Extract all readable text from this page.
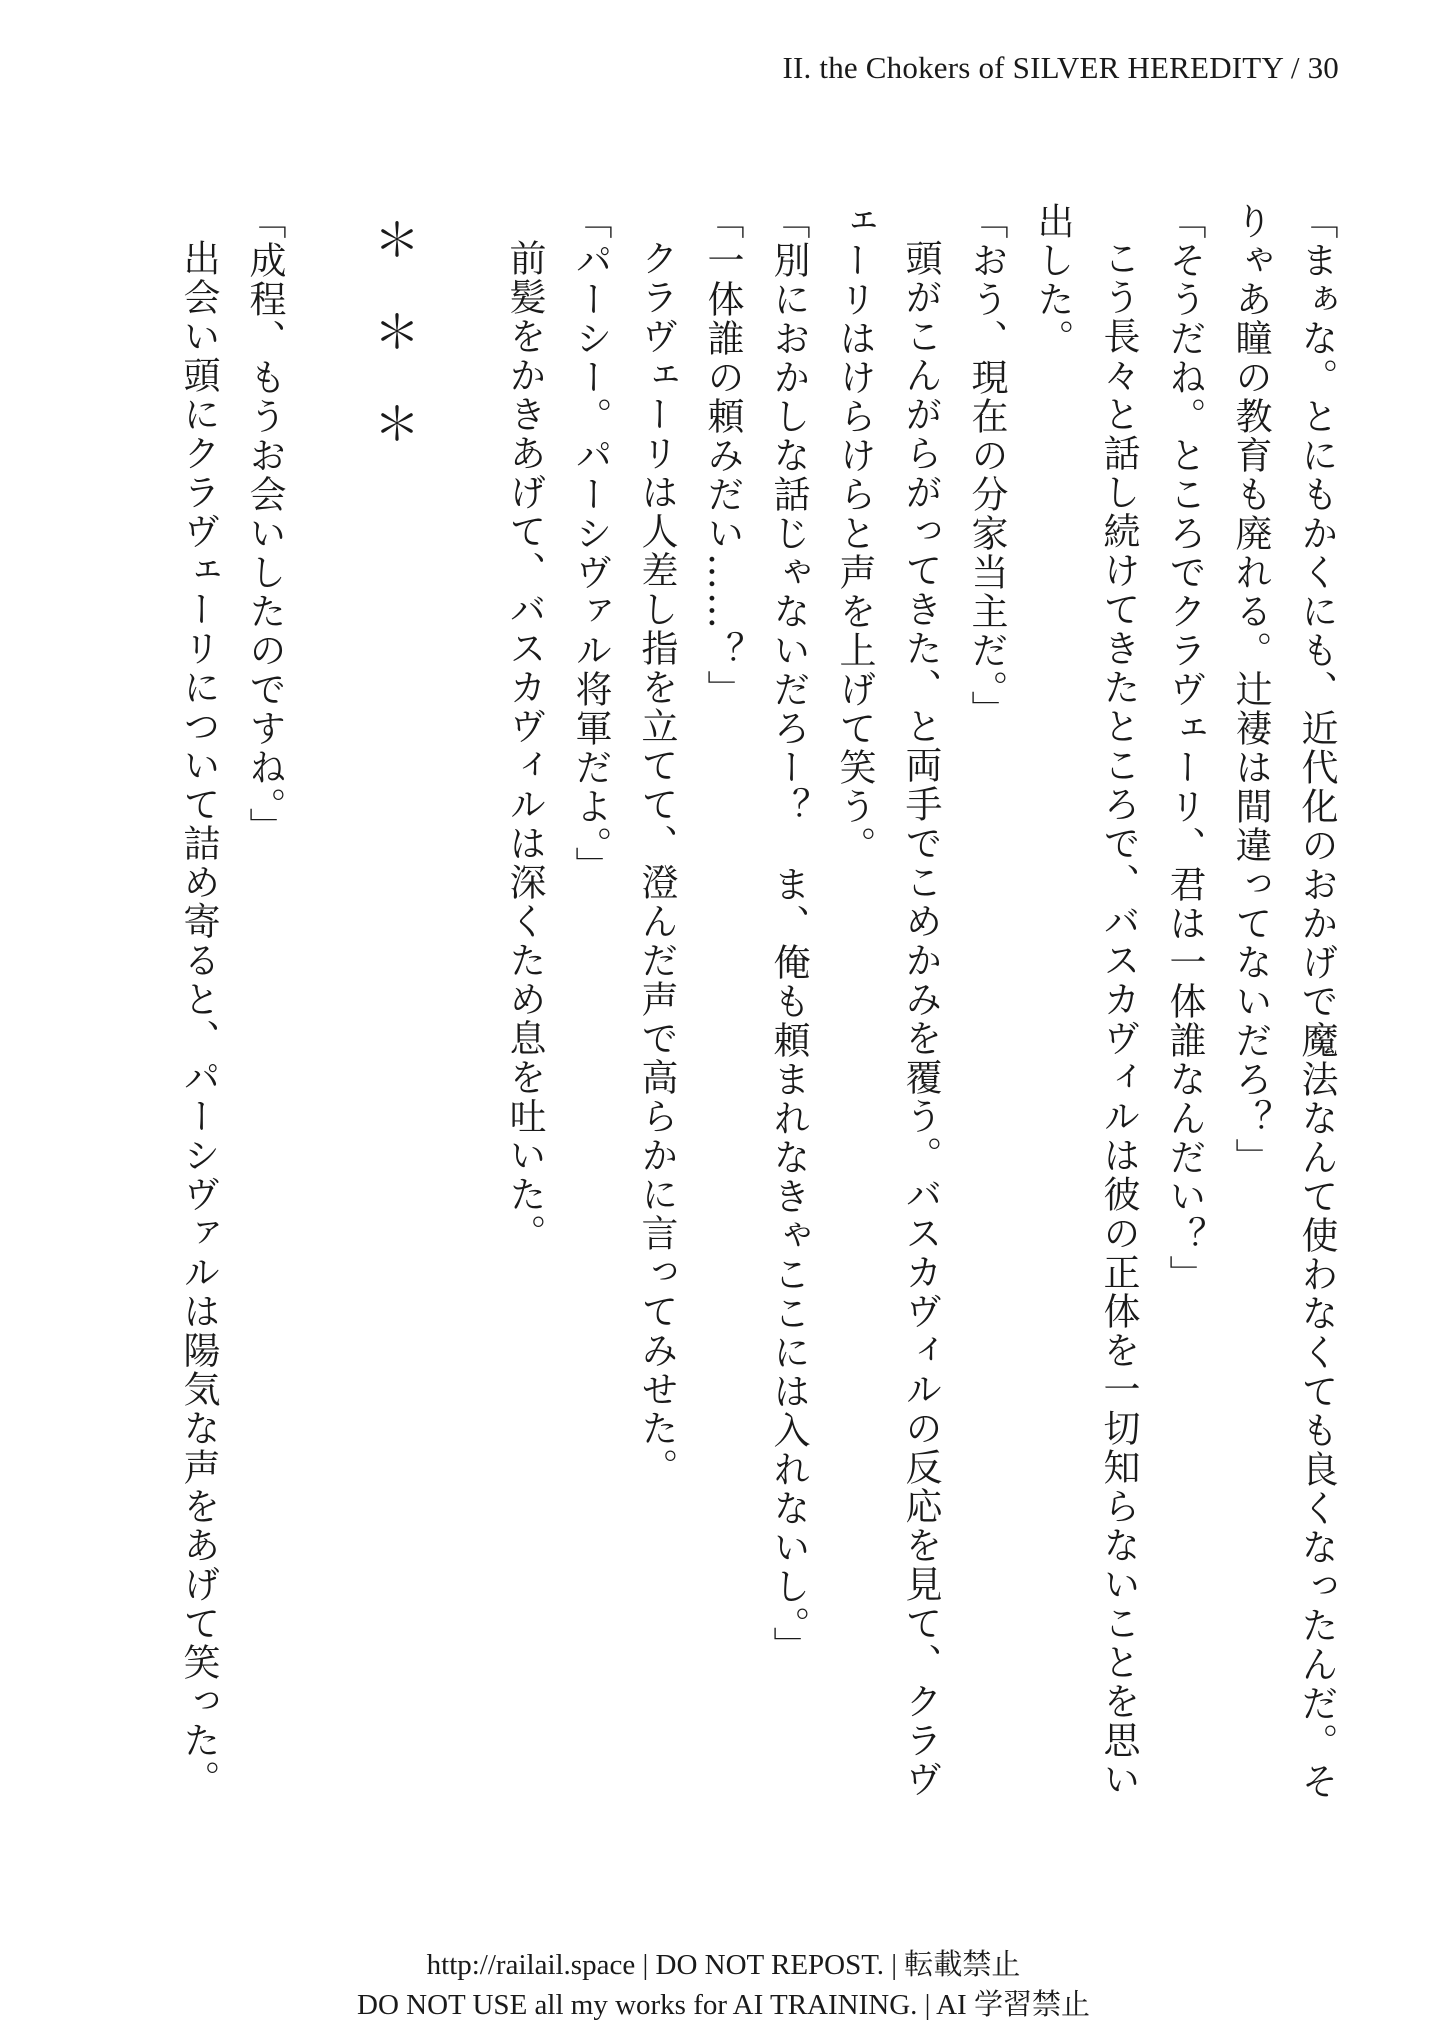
II. the Chokers of SILVER HEREDITY / 30

「まぁな。とにもかくにも、近代化のおかげで魔法なんて使わなくても良くなったんだ。そりゃあ瞳の教育も廃れる。辻褄は間違ってないだろ？」

「そうだね。ところでクラヴェーリ、君は一体誰なんだい？」

こう長々と話し続けてきたところで、バスカヴィルは彼の正体を一切知らないことを思い出した。

「おう、現在の分家当主だ。」

頭がこんがらがってきた、と両手でこめかみを覆う。バスカヴィルの反応を見て、クラヴェーリはけらけらと声を上げて笑う。

「別におかしな話じゃないだろー？　ま、俺も頼まれなきゃここには入れないし。」

「一体誰の頼みだい……？」

クラヴェーリは人差し指を立てて、澄んだ声で高らかに言ってみせた。

「パーシー。パーシヴァル将軍だよ。」

前髪をかきあげて、バスカヴィルは深くため息を吐いた。

＊＊＊

「成程、もうお会いしたのですね。」

出会い頭にクラヴェーリについて詰め寄ると、パーシヴァルは陽気な声をあげて笑った。

http://railail.space | DO NOT REPOST. | 転載禁止
DO NOT USE all my works for AI TRAINING. | AI 学習禁止
